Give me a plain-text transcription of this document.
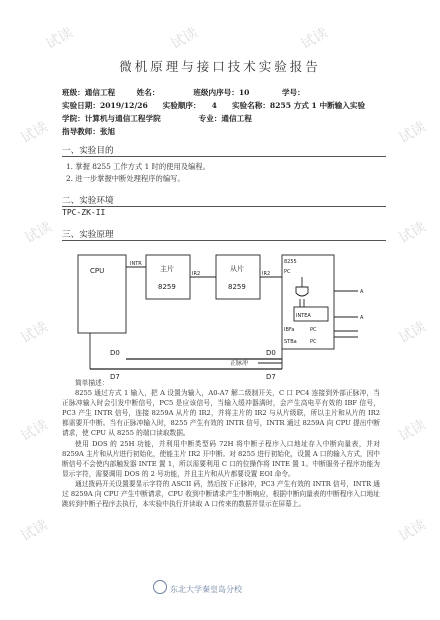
试读	试读	试读
试读	试读
试读	试读
试读	试读
试读	试读
试读	试读
微机原理与接口技术实验报告
班级：通信工程	姓名：	班级内序号：10	学号：
实验日期：2019/12/26 实验顺序： 4 实验名称：8255 方式 1 中断输入实验
学院：计算机与通信工程学院	专业：通信工程
指导教师：张旭
一、实验目的
1. 掌握 8255 工作方式 1 时的使用及编程。
2. 进一步掌握中断处理程序的编写。
二、实验环境
TPC-ZK-II
三、实验原理
CPU
INTR
主片
8259
从片
8259
IR2	IR2
8255
PC
INTEA
IBFa
STBa
PC
PC
A
A
D0
D7
D0
D7
正脉冲

简单描述：

8255 通过方式 1 输入，把 A 设置为输入，A0-A7 解二级制开关，C 口 PC4 连接到外部正脉冲，当正脉冲输入时会引发中断信号，PC5 是应该信号，当输入缓冲器满时，会产生高电平有效的 IBF 信号，PC3 产生 INTR 信号，连接 8259A 从片的 IR2，并将主片的 IR2 与从片级联，所以主片和从片的 IR2 都需要开中断。当有正脉冲输入时，8255 产生有效的 INTR 信号，INTR 通过 8259A 向 CPU 提出中断请求，使 CPU 从 8255 的端口读取数据。

使用 DOS 的 25H 功能，并利用中断类型码 72H 将中断子程序入口地址存入中断向量表，并对 8259A 主片和从片进行初始化，使能主片 IR2 开中断。对 8255 进行初始化，设置 A 口的输入方式，因中断信号不会使内部触发器 INTE 置 1，所以需要利用 C 口的位操作将 INTE 置 1。中断服务子程序功能为显示字符，需要调用 DOS 的 2 号功能，并且主片和从片都要设置 EOI 命令。

通过拨码开关设置要显示字符的 ASCII 码，然后按下正脉冲，PC3 产生有效的 INTR 信号，INTR 通过 8259A 向 CPU 产生中断请求，CPU 收到中断请求产生中断响应，根据中断向量表的中断程序入口地址跳转到中断子程序去执行，本实验中执行并读取 A 口传来的数据并显示在屏幕上。

东北大学秦皇岛分校
